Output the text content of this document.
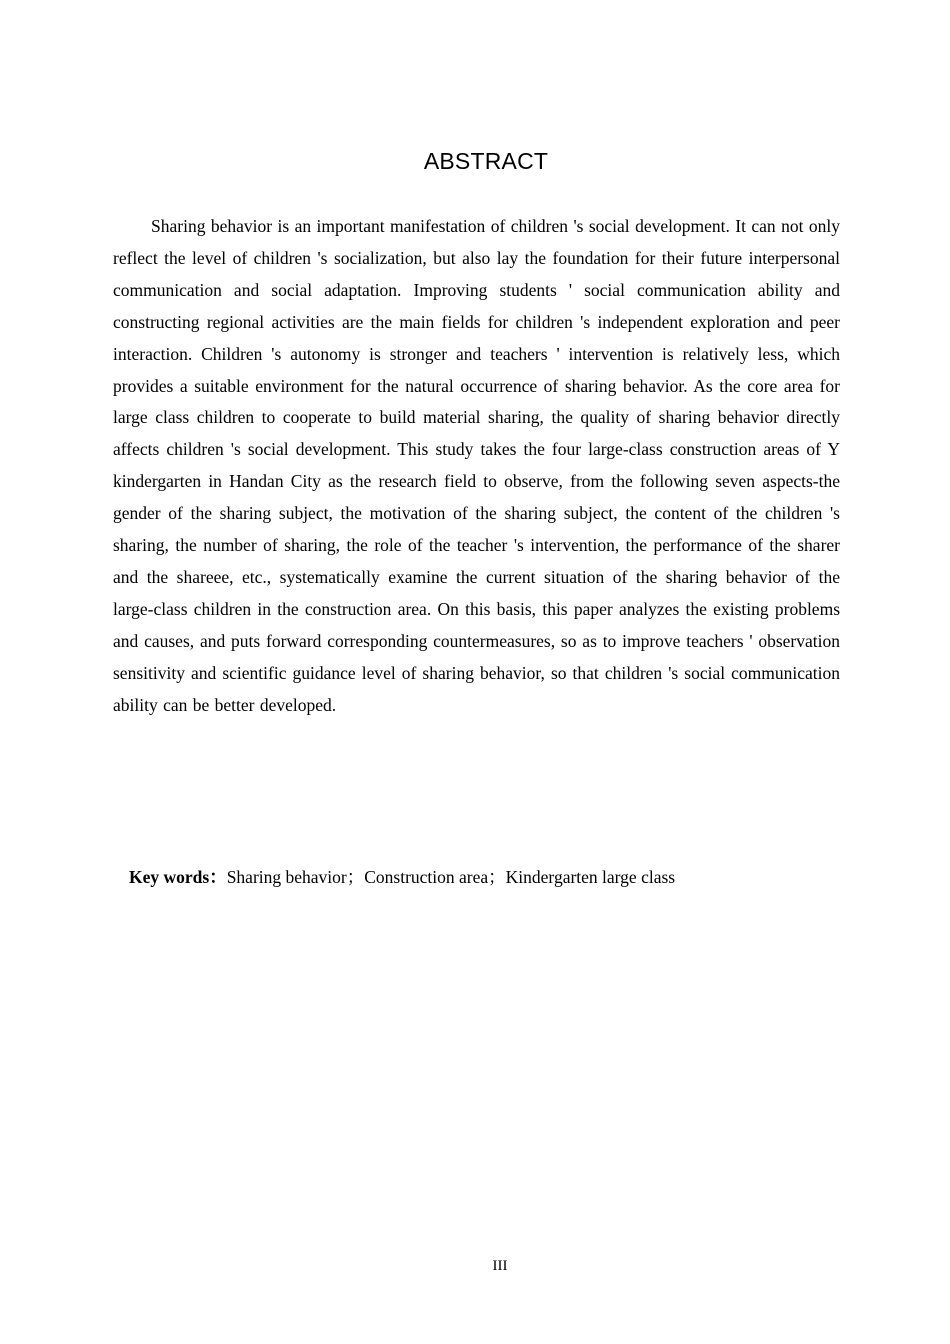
ABSTRACT

Sharing behavior is an important manifestation of children 's social development. It can not only reflect the level of children 's socialization, but also lay the foundation for their future interpersonal communication and social adaptation. Improving students ' social communication ability and constructing regional activities are the main fields for children 's independent exploration and peer interaction. Children 's autonomy is stronger and teachers ' intervention is relatively less, which provides a suitable environment for the natural occurrence of sharing behavior. As the core area for large class children to cooperate to build material sharing, the quality of sharing behavior directly affects children 's social development. This study takes the four large-class construction areas of Y kindergarten in Handan City as the research field to observe, from the following seven aspects-the gender of the sharing subject, the motivation of the sharing subject, the content of the children 's sharing, the number of sharing, the role of the teacher 's intervention, the performance of the sharer and the shareee, etc., systematically examine the current situation of the sharing behavior of the large-class children in the construction area. On this basis, this paper analyzes the existing problems and causes, and puts forward corresponding countermeasures, so as to improve teachers ' observation sensitivity and scientific guidance level of sharing behavior, so that children 's social communication ability can be better developed.

Key words：Sharing behavior；Construction area；Kindergarten large class

III
